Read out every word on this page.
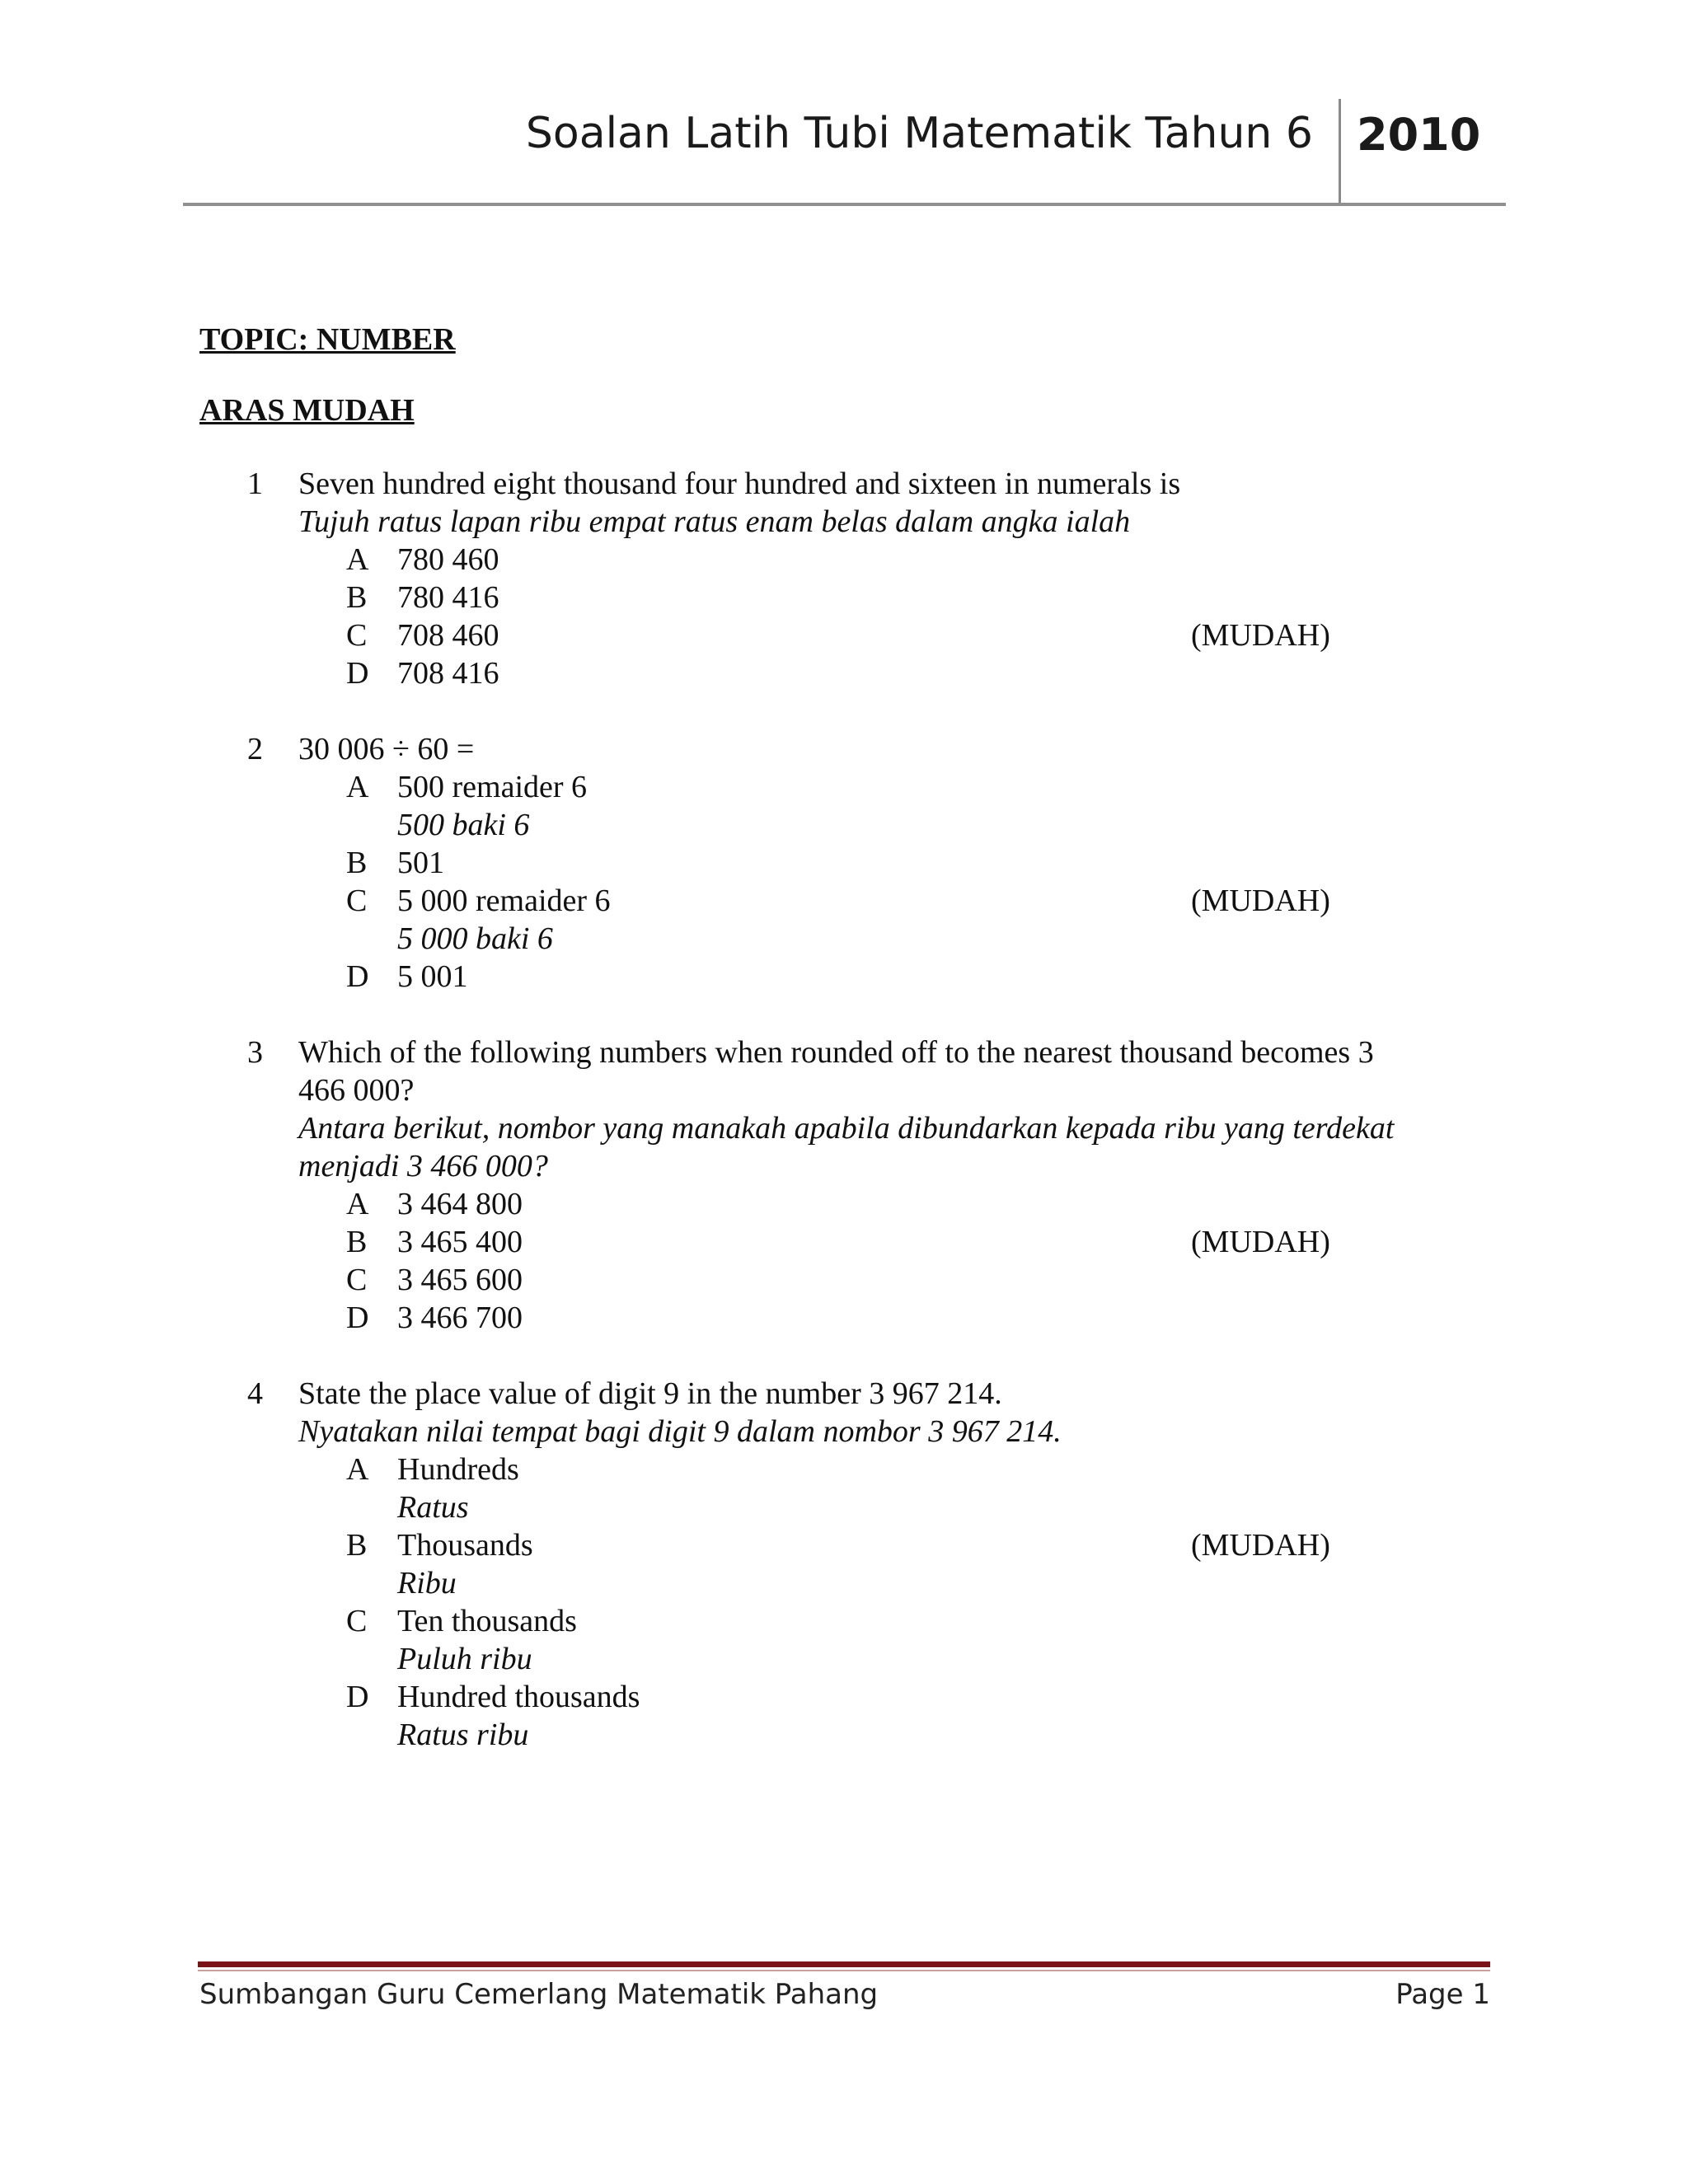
Soalan Latih Tubi Matematik Tahun 6 2010
TOPIC: NUMBER
ARAS MUDAH
1 Seven hundred eight thousand four hundred and sixteen in numerals is
Tujuh ratus lapan ribu empat ratus enam belas dalam angka ialah
A 780 460
B 780 416
C 708 460	(MUDAH)
D 708 416
2 30 006 ÷ 60 =
A 500 remaider 6
500 baki 6
B 501
C 5 000 remaider 6	(MUDAH)
5 000 baki 6
D 5 001
3 Which of the following numbers when rounded off to the nearest thousand becomes 3
466 000?
Antara berikut, nombor yang manakah apabila dibundarkan kepada ribu yang terdekat
menjadi 3 466 000?
A 3 464 800
B 3 465 400	(MUDAH)
C 3 465 600
D 3 466 700
4 State the place value of digit 9 in the number 3 967 214.
Nyatakan nilai tempat bagi digit 9 dalam nombor 3 967 214.
A Hundreds
Ratus
B Thousands	(MUDAH)
Ribu
C Ten thousands
Puluh ribu
D Hundred thousands
Ratus ribu
Sumbangan Guru Cemerlang Matematik Pahang	Page 1
